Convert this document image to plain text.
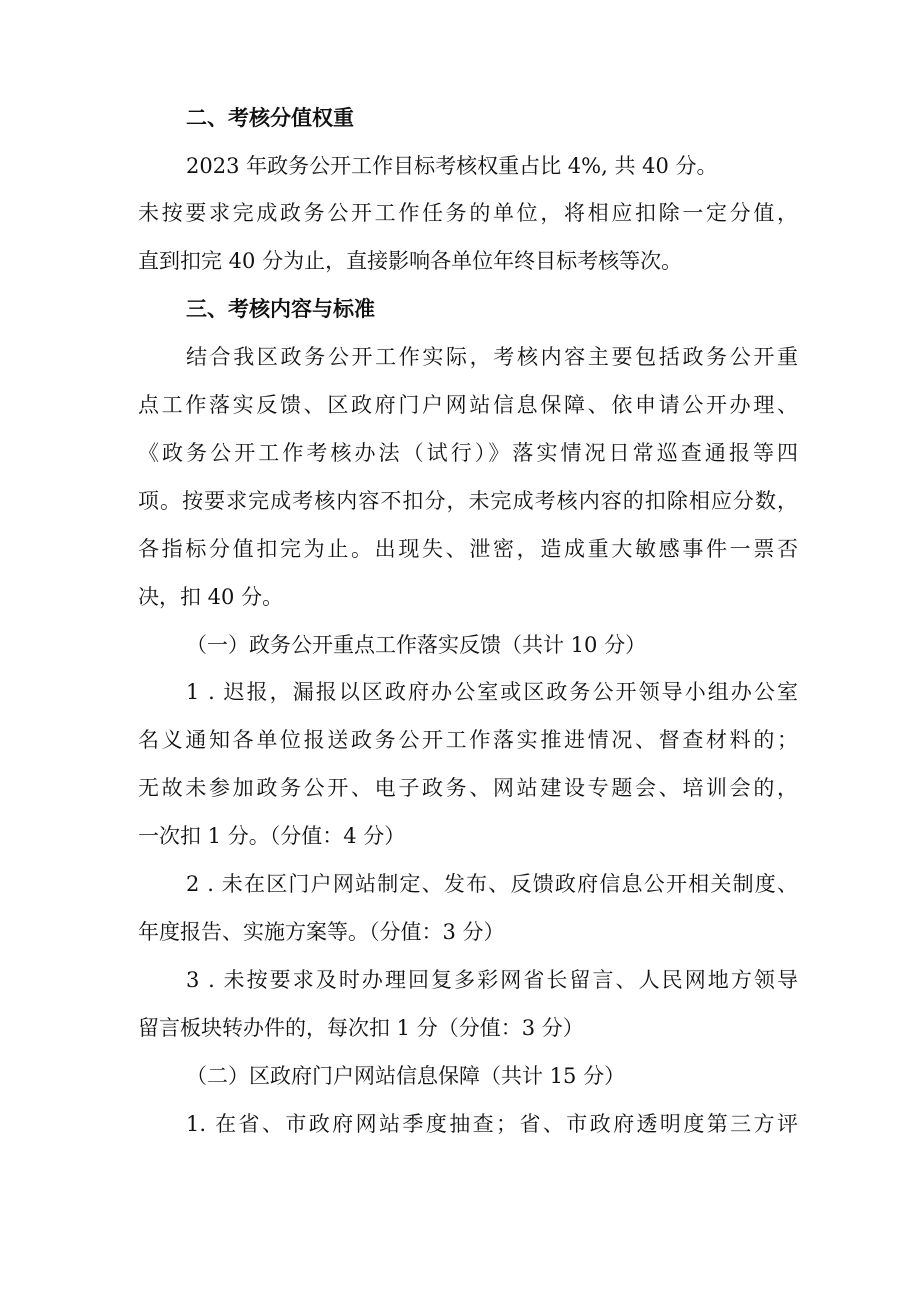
二、考核分值权重
2023 年政务公开工作目标考核权重占比 4%, 共 40 分。
未按要求完成政务公开工作任务的单位，将相应扣除一定分值，
直到扣完 40 分为止，直接影响各单位年终目标考核等次。
三、考核内容与标准
结合我区政务公开工作实际，考核内容主要包括政务公开重
点工作落实反馈、区政府门户网站信息保障、依申请公开办理、
《政务公开工作考核办法（试行）》落实情况日常巡查通报等四
项。按要求完成考核内容不扣分，未完成考核内容的扣除相应分数，
各指标分值扣完为止。出现失、泄密，造成重大敏感事件一票否
决，扣 40 分。
（一）政务公开重点工作落实反馈（共计 10 分）
1 . 迟报，漏报以区政府办公室或区政务公开领导小组办公室
名义通知各单位报送政务公开工作落实推进情况、督查材料的；
无故未参加政务公开、电子政务、网站建设专题会、培训会的，
一次扣 1 分。（分值：4 分）
2 . 未在区门户网站制定、发布、反馈政府信息公开相关制度、
年度报告、实施方案等。（分值：3 分）
3 . 未按要求及时办理回复多彩网省长留言、人民网地方领导
留言板块转办件的，每次扣 1 分（分值：3 分）
（二）区政府门户网站信息保障（共计 15 分）
1. 在省、市政府网站季度抽查；省、市政府透明度第三方评
